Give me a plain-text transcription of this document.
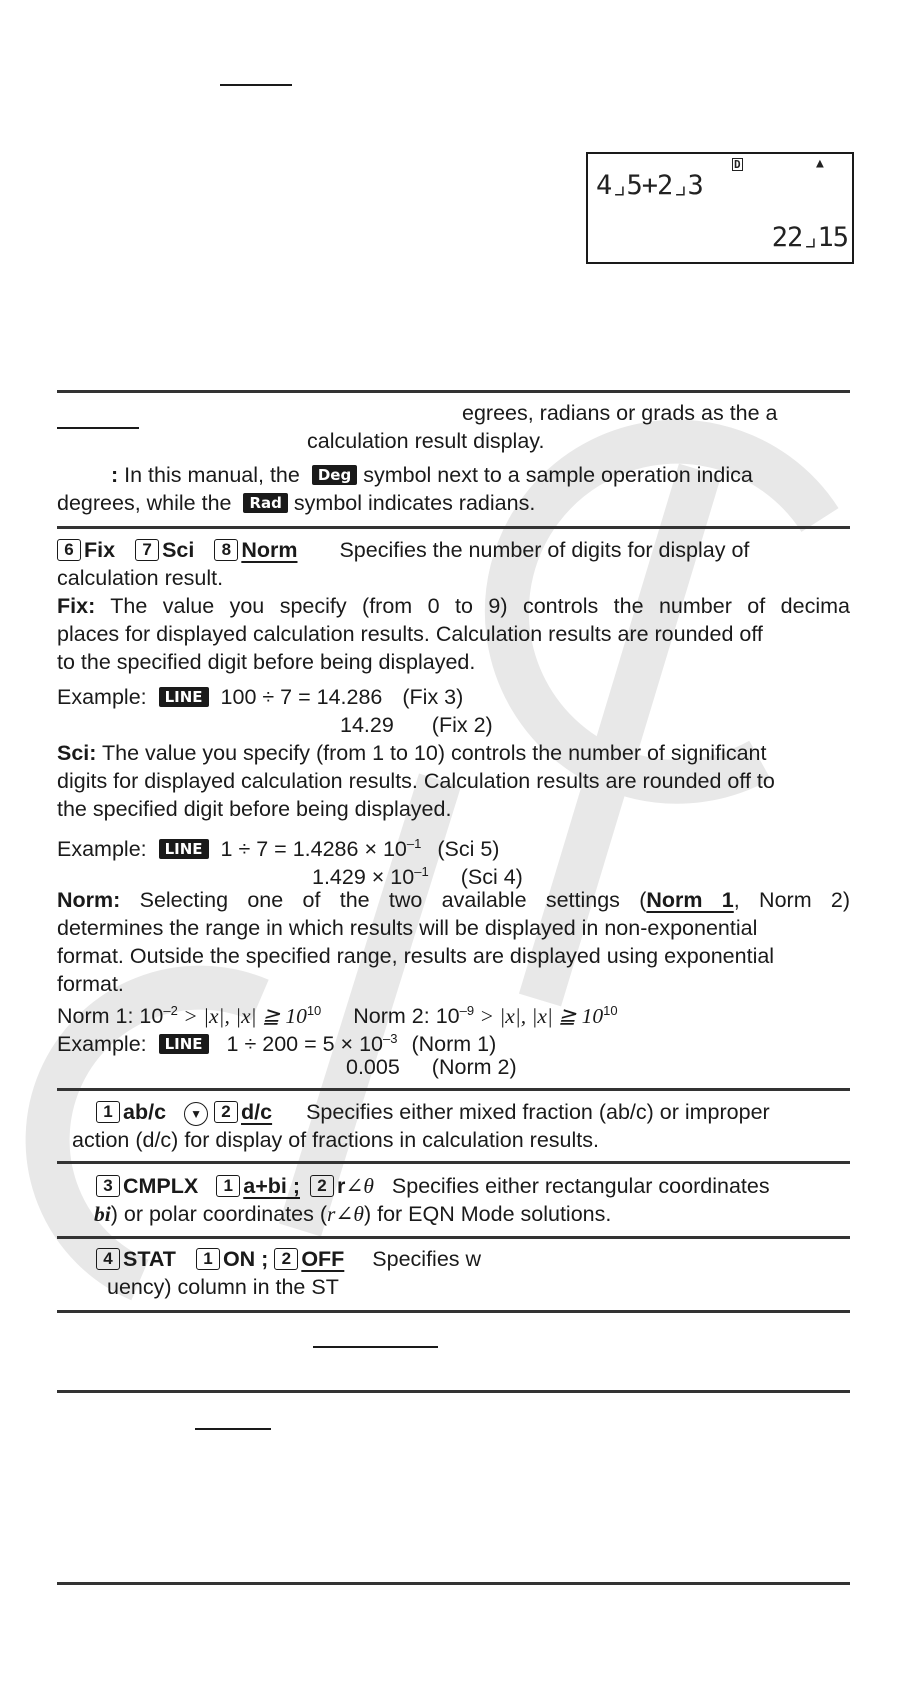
D	▲
4⌟5+2⌟3
22⌟15
egrees, radians or grads as the a
calculation result display.
: In this manual, the Deg symbol next to a sample operation indica
degrees, while the Rad symbol indicates radians.
6 Fix 7 Sci 8 Norm Specifies the number of digits for display of
calculation result.
Fix: The value you specify (from 0 to 9) controls the number of decima
places for displayed calculation results. Calculation results are rounded off
to the specified digit before being displayed.
Example: LINE 100 ÷ 7 = 14.286 (Fix 3)
14.29 (Fix 2)
Sci: The value you specify (from 1 to 10) controls the number of significant
digits for displayed calculation results. Calculation results are rounded off to
the specified digit before being displayed.
Example: LINE $1 \div 7 = 1.4286 \times 10^{-1}$ (Sci 5)
$1.429 \times 10^{-1}$ (Sci 4)
Norm: Selecting one of the two available settings (Norm 1, Norm 2)
determines the range in which results will be displayed in non-exponential
format. Outside the specified range, results are displayed using exponential
format.
Norm 1: $10^{-2} > |x|$, |x| ≧ $10^{10}$ Norm 2: $10^{-9} > |x|$, |x| ≧ $10^{10}$
Example: LINE $1 \div 200 = 5 \times 10^{-3}$ (Norm 1)
0.005 (Norm 2)
1 ab/c ▼ 2 d/c Specifies either mixed fraction (ab/c) or improper
action (d/c) for display of fractions in calculation results.
3 CMPLX 1 a+bi ; 2 r∠θ Specifies either rectangular coordinates
bi) or polar coordinates (r∠θ) for EQN Mode solutions.
4 STAT 1 ON ; 2 OFF Specifies w
uency) column in the ST
